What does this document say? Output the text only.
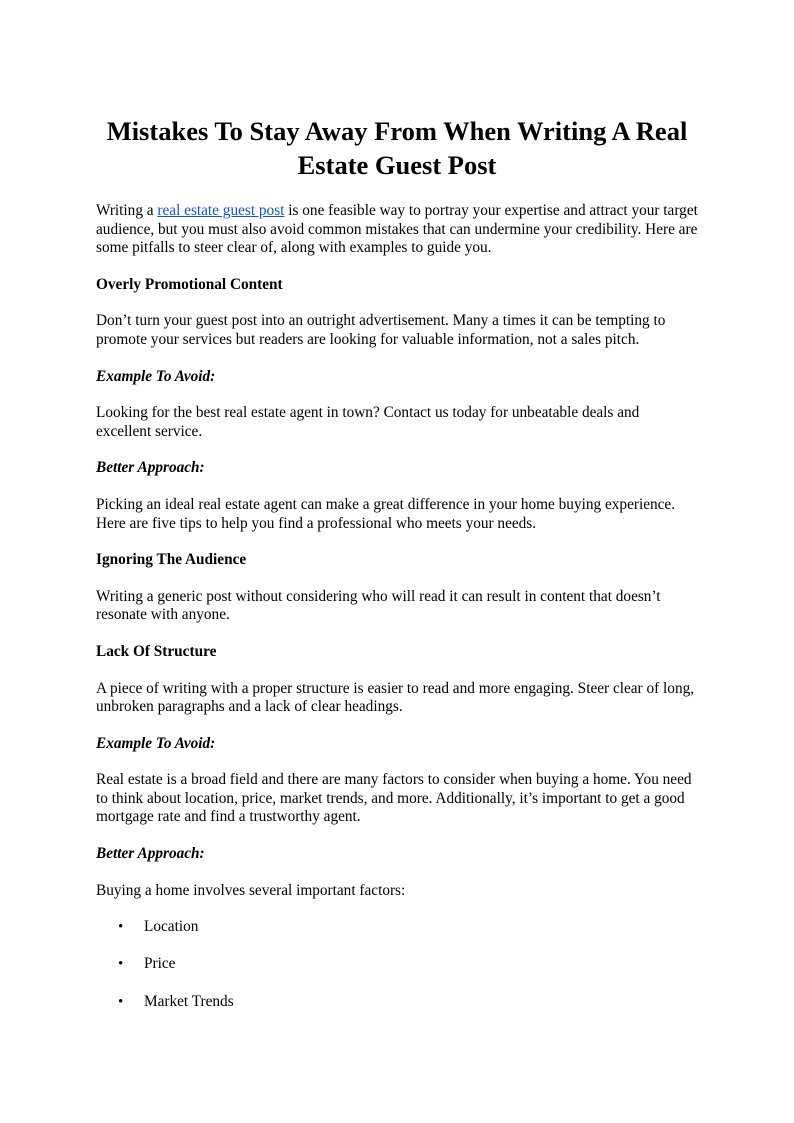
Mistakes To Stay Away From When Writing A Real Estate Guest Post

Writing a real estate guest post is one feasible way to portray your expertise and attract your target audience, but you must also avoid common mistakes that can undermine your credibility. Here are some pitfalls to steer clear of, along with examples to guide you.

Overly Promotional Content

Don’t turn your guest post into an outright advertisement. Many a times it can be tempting to promote your services but readers are looking for valuable information, not a sales pitch.

Example To Avoid:

Looking for the best real estate agent in town? Contact us today for unbeatable deals and excellent service.

Better Approach:

Picking an ideal real estate agent can make a great difference in your home buying experience. Here are five tips to help you find a professional who meets your needs.

Ignoring The Audience

Writing a generic post without considering who will read it can result in content that doesn’t resonate with anyone.

Lack Of Structure

A piece of writing with a proper structure is easier to read and more engaging. Steer clear of long, unbroken paragraphs and a lack of clear headings.

Example To Avoid:

Real estate is a broad field and there are many factors to consider when buying a home. You need to think about location, price, market trends, and more. Additionally, it’s important to get a good mortgage rate and find a trustworthy agent.

Better Approach:

Buying a home involves several important factors:

• Location
• Price
• Market Trends
